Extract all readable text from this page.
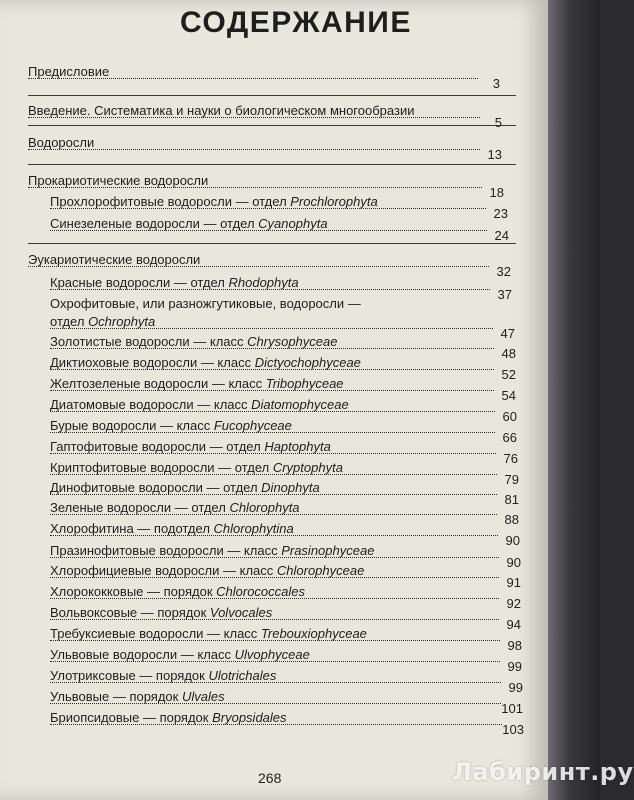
СОДЕРЖАНИЕ
Предисловие
3
Введение. Систематика и науки о биологическом многообразии
5
Водоросли
13
Прокариотические водоросли
18
Прохлорофитовые водоросли — отдел Prochlorophyta
23
Синезеленые водоросли — отдел Cyanophyta
24
Эукариотические водоросли
32
Красные водоросли — отдел Rhodophyta
37
Охрофитовые, или разножгутиковые, водоросли —
отдел Ochrophyta
47
Золотистые водоросли — класс Chrysophyceae
48
Диктиоховые водоросли — класс Dictyochophyceae
52
Желтозеленые водоросли — класс Tribophyceae
54
Диатомовые водоросли — класс Diatomophyceae
60
Бурые водоросли — класс Fucophyceae
66
Гаптофитовые водоросли — отдел Haptophyta
76
Криптофитовые водоросли — отдел Cryptophyta
79
Динофитовые водоросли — отдел Dinophyta
81
Зеленые водоросли — отдел Chlorophyta
88
Хлорофитина — подотдел Chlorophytina
90
Празинофитовые водоросли — класс Prasinophyceae
90
Хлорофициевые водоросли — класс Chlorophyceae
91
Хлорококковые — порядок Chlorococcales
92
Вольвоксовые — порядок Volvocales
94
Требуксиевые водоросли — класс Trebouxiophyceae
98
Ульвовые водоросли — класс Ulvophyceae
99
Улотриксовые — порядок Ulotrichales
99
Ульвовые — порядок Ulvales
101
Бриопсидовые — порядок Bryopsidales
103
268	Лабиринт.ру
